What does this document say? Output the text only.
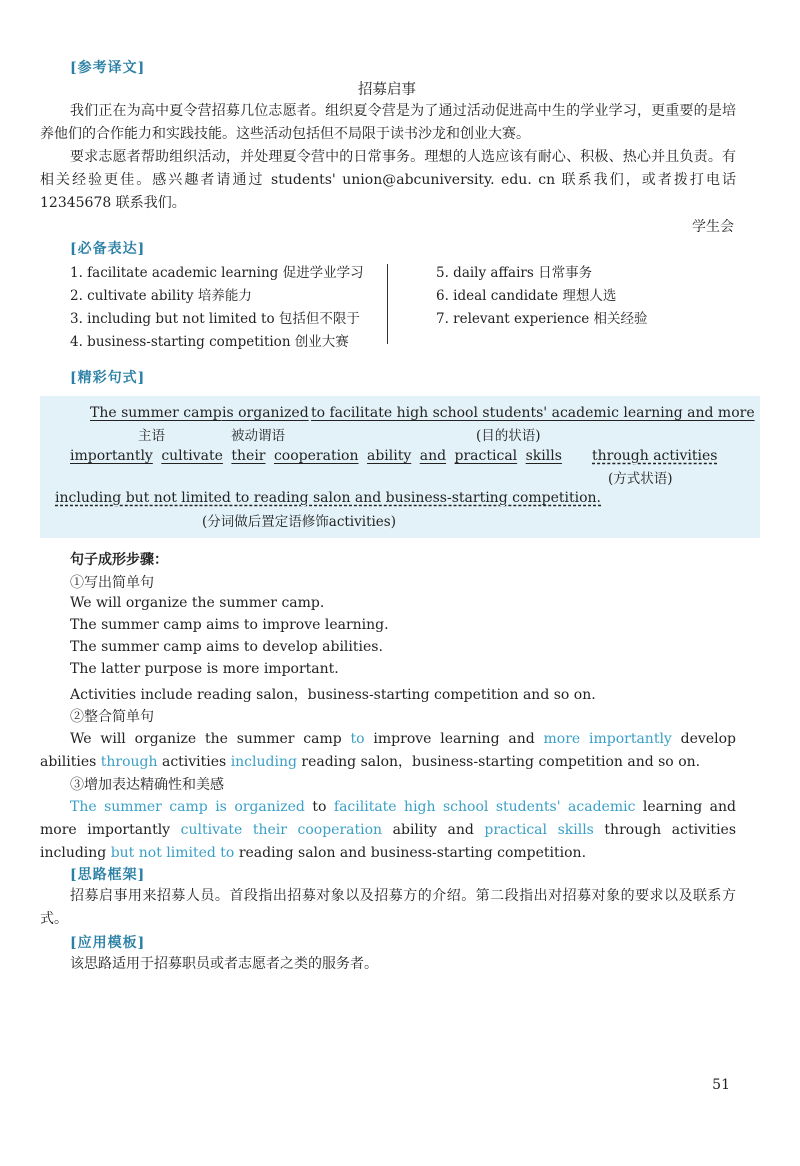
[参考译文]
招募启事
我们正在为高中夏令营招募几位志愿者。组织夏令营是为了通过活动促进高中生的学业学习，更重要的是培养他们的合作能力和实践技能。这些活动包括但不局限于读书沙龙和创业大赛。
要求志愿者帮助组织活动，并处理夏令营中的日常事务。理想的人选应该有耐心、积极、热心并且负责。有相关经验更佳。感兴趣者请通过 students' union@abcuniversity. edu. cn 联系我们，或者拨打电话 12345678 联系我们。
学生会
[必备表达]
1. facilitate academic learning 促进学业学习
2. cultivate ability 培养能力
3. including but not limited to 包括但不限于
4. business-starting competition 创业大赛
5. daily affairs 日常事务
6. ideal candidate 理想人选
7. relevant experience 相关经验
[精彩句式]
The summer camp is organized to facilitate high school students' academic learning and more
主语	被动谓语	(目的状语)
importantly cultivate their cooperation ability and practical skills through activities
(方式状语)
including but not limited to reading salon and business-starting competition.
(分词做后置定语修饰activities)
句子成形步骤：
①写出简单句
We will organize the summer camp.
The summer camp aims to improve learning.
The summer camp aims to develop abilities.
The latter purpose is more important.
Activities include reading salon，business-starting competition and so on.
②整合简单句
We will organize the summer camp to improve learning and more importantly develop abilities through activities including reading salon，business-starting competition and so on.
③增加表达精确性和美感
The summer camp is organized to facilitate high school students' academic learning and more importantly cultivate their cooperation ability and practical skills through activities including but not limited to reading salon and business-starting competition.
[思路框架]
招募启事用来招募人员。首段指出招募对象以及招募方的介绍。第二段指出对招募对象的要求以及联系方式。
[应用模板]
该思路适用于招募职员或者志愿者之类的服务者。
51
